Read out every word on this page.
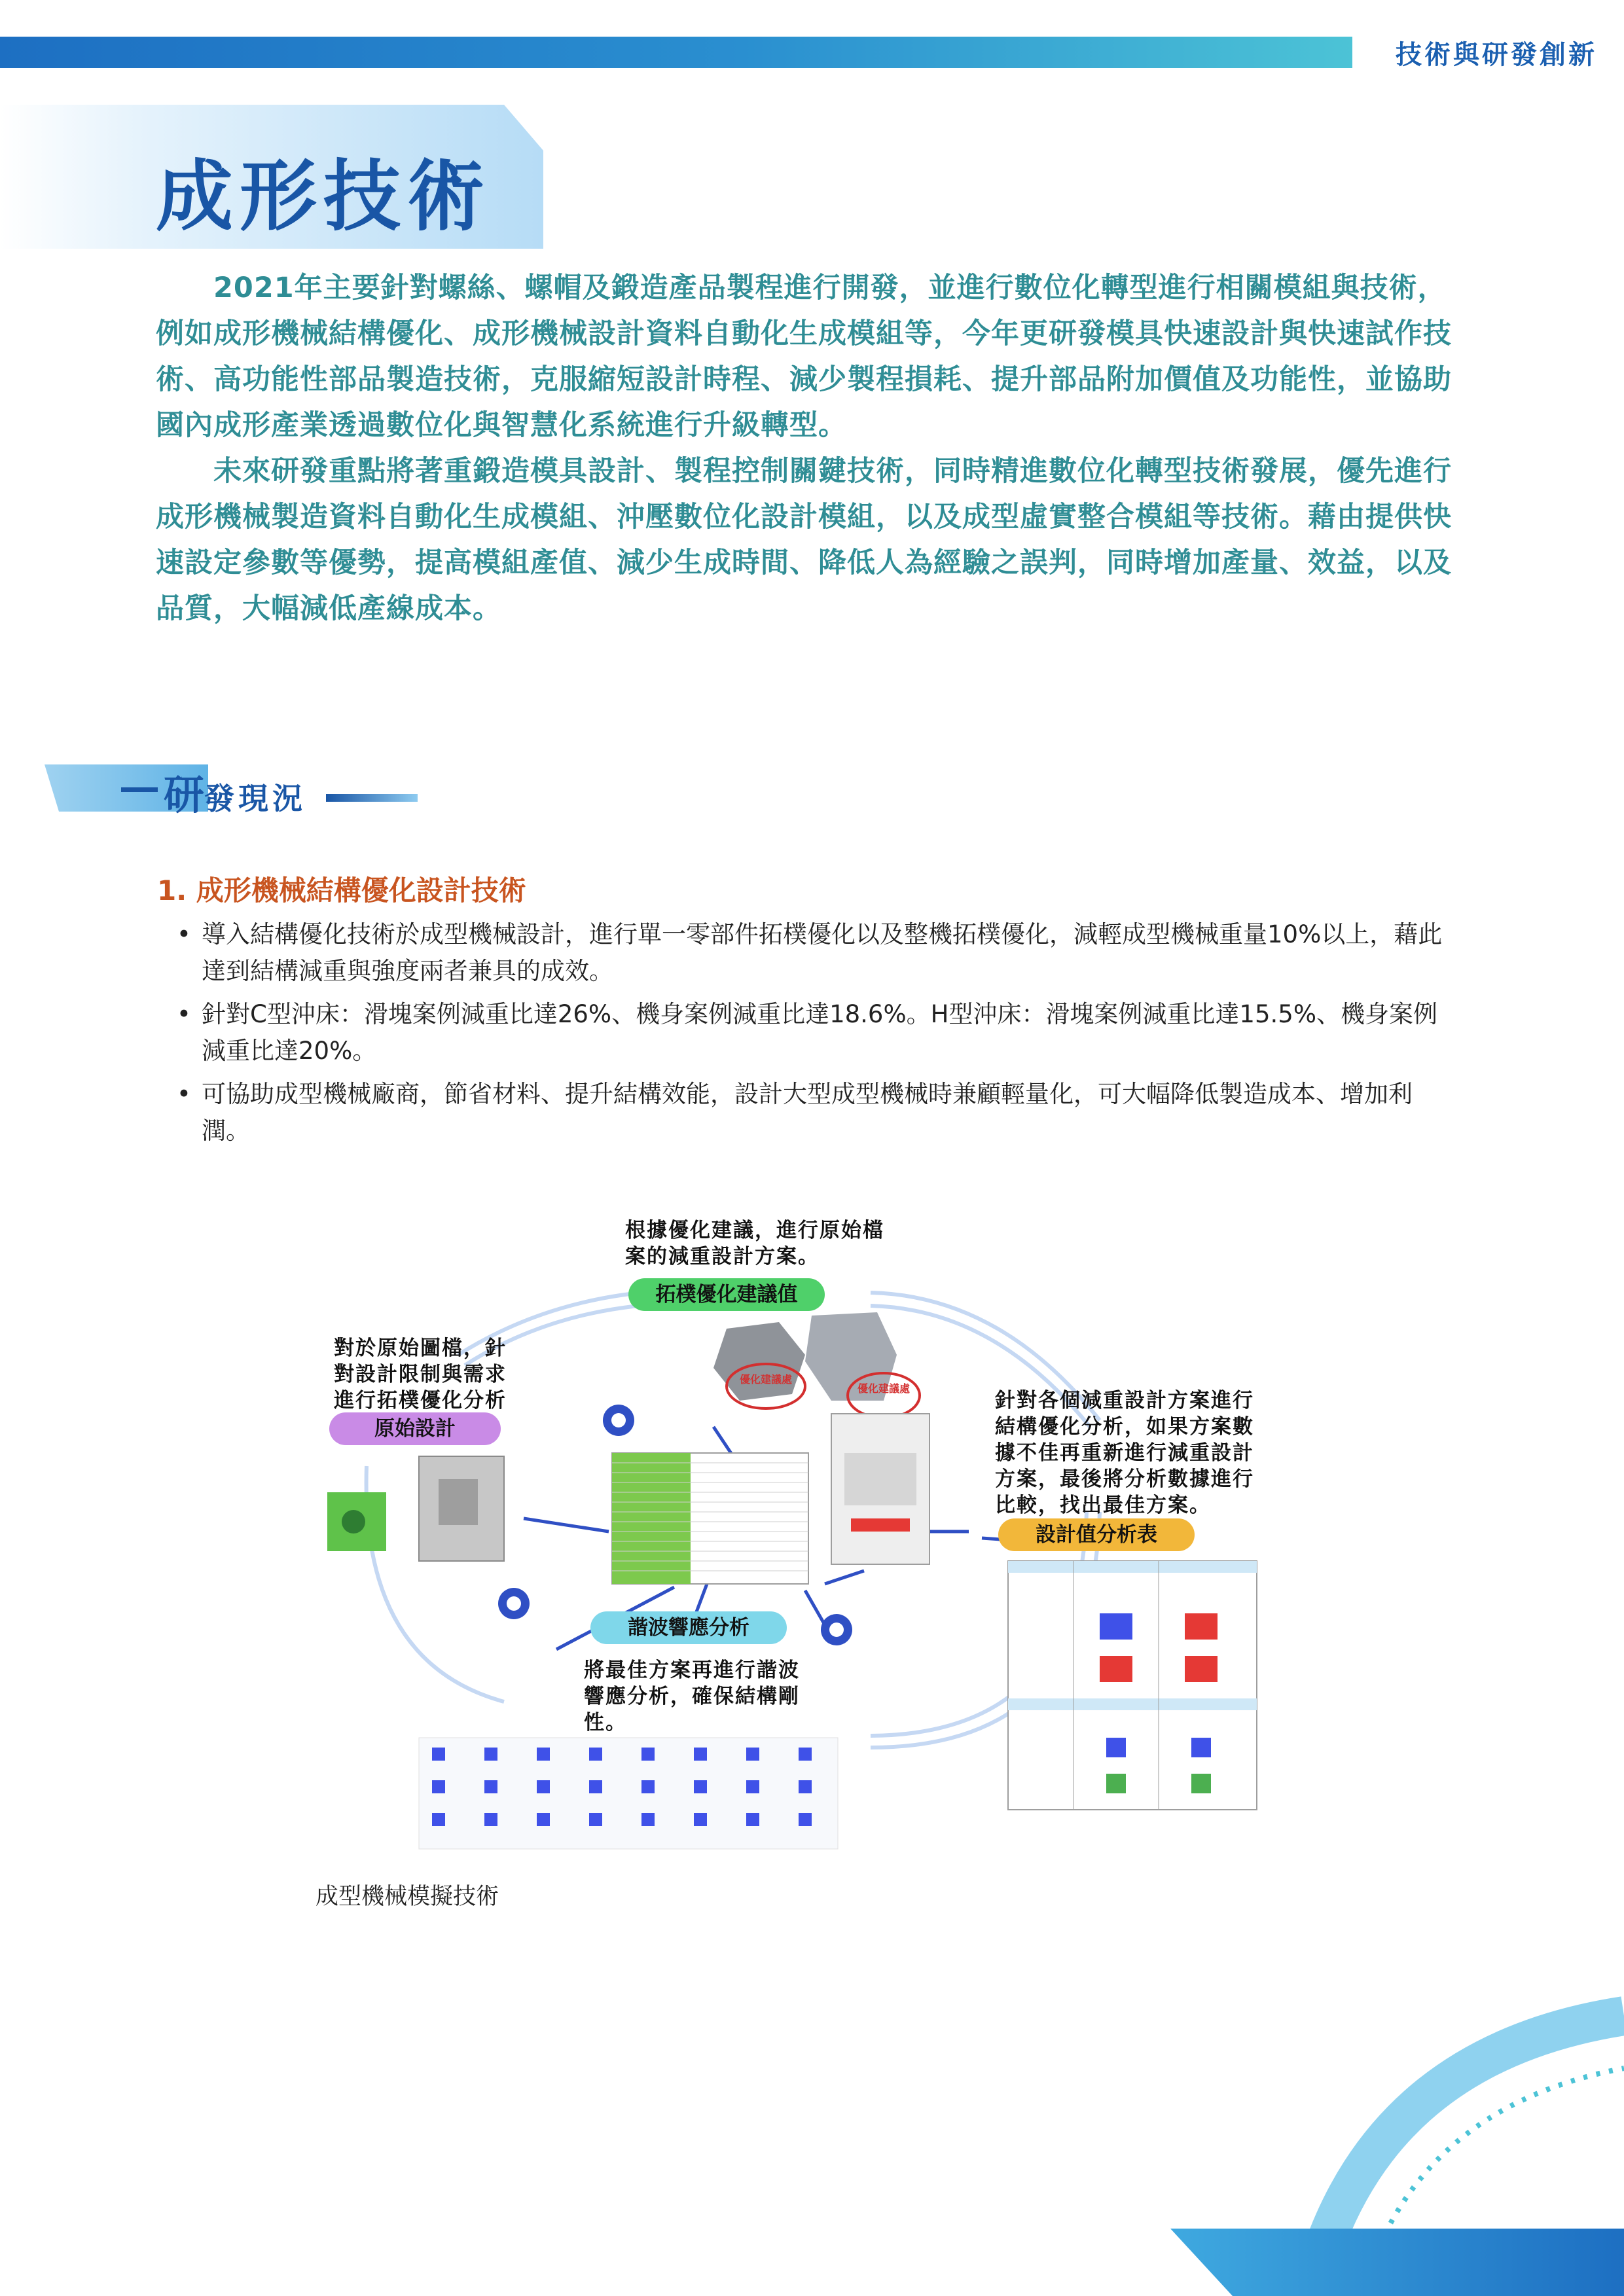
技術與研發創新
成形技術

2021年主要針對螺絲、螺帽及鍛造產品製程進行開發，並進行數位化轉型進行相關模組與技術，例如成形機械結構優化、成形機械設計資料自動化生成模組等，今年更研發模具快速設計與快速試作技術、高功能性部品製造技術，克服縮短設計時程、減少製程損耗、提升部品附加價值及功能性，並協助國內成形產業透過數位化與智慧化系統進行升級轉型。

未來研發重點將著重鍛造模具設計、製程控制關鍵技術，同時精進數位化轉型技術發展，優先進行成形機械製造資料自動化生成模組、沖壓數位化設計模組，以及成型虛實整合模組等技術。藉由提供快速設定參數等優勢，提高模組產值、減少生成時間、降低人為經驗之誤判，同時增加產量、效益，以及品質，大幅減低產線成本。

研發現況
1. 成形機械結構優化設計技術
• 導入結構優化技術於成型機械設計，進行單一零部件拓樸優化以及整機拓樸優化，減輕成型機械重量10%以上，藉此達到結構減重與強度兩者兼具的成效。
• 針對C型沖床：滑塊案例減重比達26%、機身案例減重比達18.6%。H型沖床：滑塊案例減重比達15.5%、機身案例減重比達20%。
• 可協助成型機械廠商，節省材料、提升結構效能，設計大型成型機械時兼顧輕量化，可大幅降低製造成本、增加利潤。
根據優化建議，進行原始檔案的減重設計方案。
拓樸優化建議值
對於原始圖檔，針對設計限制與需求進行拓樸優化分析
原始設計
針對各個減重設計方案進行結構優化分析，如果方案數據不佳再重新進行減重設計方案，最後將分析數據進行比較，找出最佳方案。
設計值分析表
諧波響應分析
將最佳方案再進行諧波響應分析，確保結構剛性。
優化建議處
優化建議處
成型機械模擬技術
045
